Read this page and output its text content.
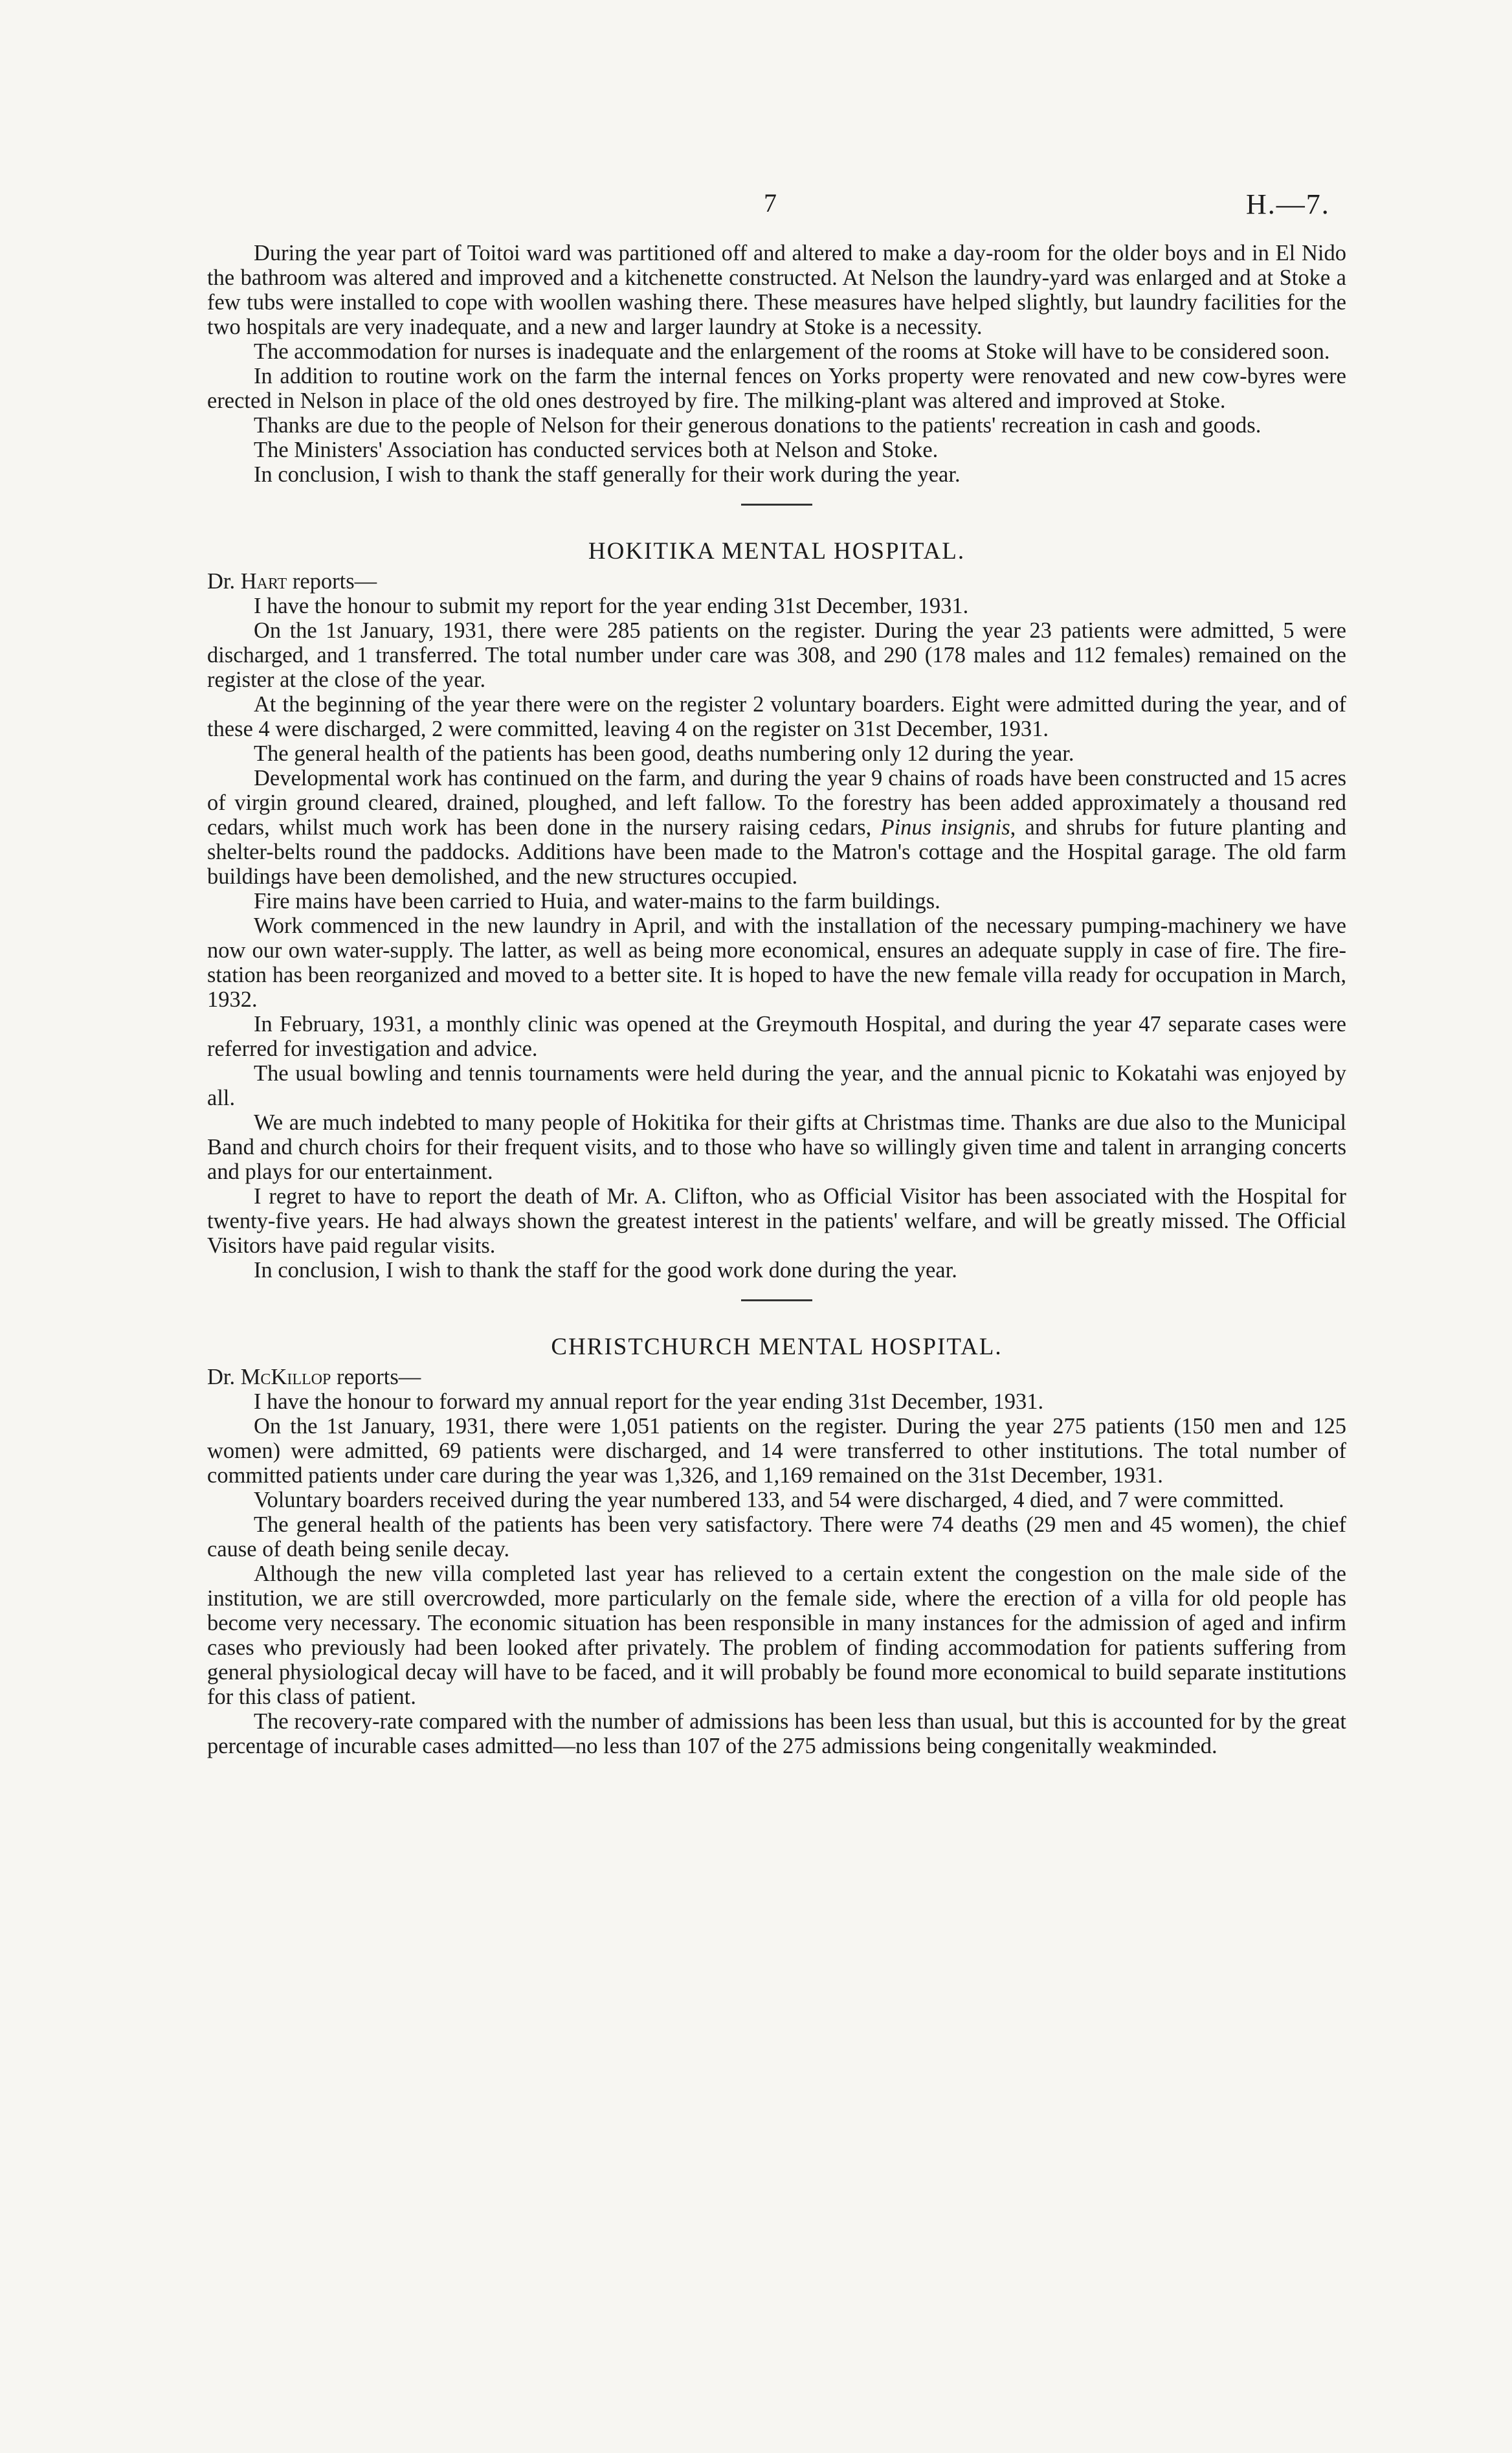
7	H.—7.

During the year part of Toitoi ward was partitioned off and altered to make a day-room for the older boys and in El Nido the bathroom was altered and improved and a kitchenette constructed. At Nelson the laundry-yard was enlarged and at Stoke a few tubs were installed to cope with woollen washing there. These measures have helped slightly, but laundry facilities for the two hospitals are very inadequate, and a new and larger laundry at Stoke is a necessity.

The accommodation for nurses is inadequate and the enlargement of the rooms at Stoke will have to be considered soon.

In addition to routine work on the farm the internal fences on Yorks property were renovated and new cow-byres were erected in Nelson in place of the old ones destroyed by fire. The milking-plant was altered and improved at Stoke.

Thanks are due to the people of Nelson for their generous donations to the patients' recreation in cash and goods.

The Ministers' Association has conducted services both at Nelson and Stoke.

In conclusion, I wish to thank the staff generally for their work during the year.

HOKITIKA MENTAL HOSPITAL.

Dr. Hart reports—

I have the honour to submit my report for the year ending 31st December, 1931.

On the 1st January, 1931, there were 285 patients on the register. During the year 23 patients were admitted, 5 were discharged, and 1 transferred. The total number under care was 308, and 290 (178 males and 112 females) remained on the register at the close of the year.

At the beginning of the year there were on the register 2 voluntary boarders. Eight were admitted during the year, and of these 4 were discharged, 2 were committed, leaving 4 on the register on 31st December, 1931.

The general health of the patients has been good, deaths numbering only 12 during the year.

Developmental work has continued on the farm, and during the year 9 chains of roads have been constructed and 15 acres of virgin ground cleared, drained, ploughed, and left fallow. To the forestry has been added approximately a thousand red cedars, whilst much work has been done in the nursery raising cedars, Pinus insignis, and shrubs for future planting and shelter-belts round the paddocks. Additions have been made to the Matron's cottage and the Hospital garage. The old farm buildings have been demolished, and the new structures occupied.

Fire mains have been carried to Huia, and water-mains to the farm buildings.

Work commenced in the new laundry in April, and with the installation of the necessary pumping-machinery we have now our own water-supply. The latter, as well as being more economical, ensures an adequate supply in case of fire. The fire-station has been reorganized and moved to a better site. It is hoped to have the new female villa ready for occupation in March, 1932.

In February, 1931, a monthly clinic was opened at the Greymouth Hospital, and during the year 47 separate cases were referred for investigation and advice.

The usual bowling and tennis tournaments were held during the year, and the annual picnic to Kokatahi was enjoyed by all.

We are much indebted to many people of Hokitika for their gifts at Christmas time. Thanks are due also to the Municipal Band and church choirs for their frequent visits, and to those who have so willingly given time and talent in arranging concerts and plays for our entertainment.

I regret to have to report the death of Mr. A. Clifton, who as Official Visitor has been associated with the Hospital for twenty-five years. He had always shown the greatest interest in the patients' welfare, and will be greatly missed. The Official Visitors have paid regular visits.

In conclusion, I wish to thank the staff for the good work done during the year.

CHRISTCHURCH MENTAL HOSPITAL.

Dr. McKillop reports—

I have the honour to forward my annual report for the year ending 31st December, 1931.

On the 1st January, 1931, there were 1,051 patients on the register. During the year 275 patients (150 men and 125 women) were admitted, 69 patients were discharged, and 14 were transferred to other institutions. The total number of committed patients under care during the year was 1,326, and 1,169 remained on the 31st December, 1931.

Voluntary boarders received during the year numbered 133, and 54 were discharged, 4 died, and 7 were committed.

The general health of the patients has been very satisfactory. There were 74 deaths (29 men and 45 women), the chief cause of death being senile decay.

Although the new villa completed last year has relieved to a certain extent the congestion on the male side of the institution, we are still overcrowded, more particularly on the female side, where the erection of a villa for old people has become very necessary. The economic situation has been responsible in many instances for the admission of aged and infirm cases who previously had been looked after privately. The problem of finding accommodation for patients suffering from general physiological decay will have to be faced, and it will probably be found more economical to build separate institutions for this class of patient.

The recovery-rate compared with the number of admissions has been less than usual, but this is accounted for by the great percentage of incurable cases admitted—no less than 107 of the 275 admissions being congenitally weakminded.
